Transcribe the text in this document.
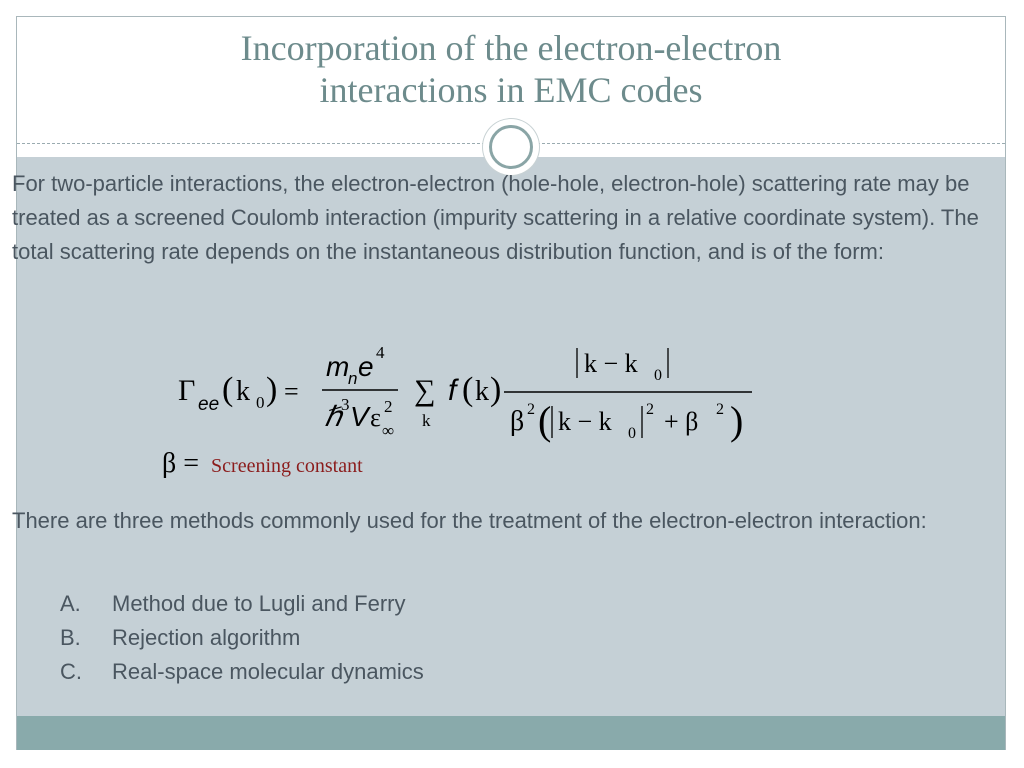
Incorporation of the electron-electron
interactions in EMC codes
For two-particle interactions, the electron-electron (hole-hole, electron-hole) scattering rate may be treated as a screened Coulomb interaction (impurity scattering in a relative coordinate system). The total scattering rate depends on the instantaneous distribution function, and is of the form:
Γ ee ( k 0 ) =
m
n e 4
ℏ 3 V ε 2
∞
∑
k
f ( k )
k − k 0
β 2 ( k − k 0
2 + β 2 )
β = Screening constant
There are three methods commonly used for the treatment of the electron-electron interaction:
A. Method due to Lugli and Ferry
B. Rejection algorithm
C. Real-space molecular dynamics
